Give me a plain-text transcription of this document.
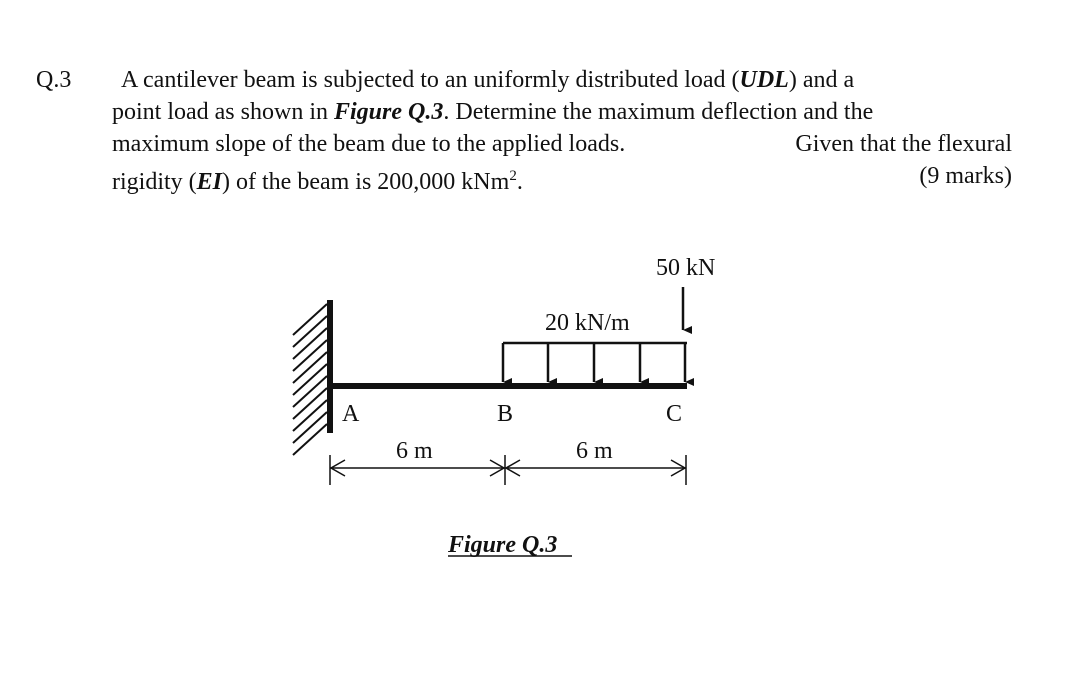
Q.3 A cantilever beam is subjected to an uniformly distributed load (UDL) and a
point load as shown in Figure Q.3. Determine the maximum deflection and the
maximum slope of the beam due to the applied loads.	Given that the flexural
rigidity (EI) of the beam is 200,000 kNm$^2$.	(9 marks)
50 kN
20 kN/m
A	B	C
6 m	6 m
Figure Q.3
